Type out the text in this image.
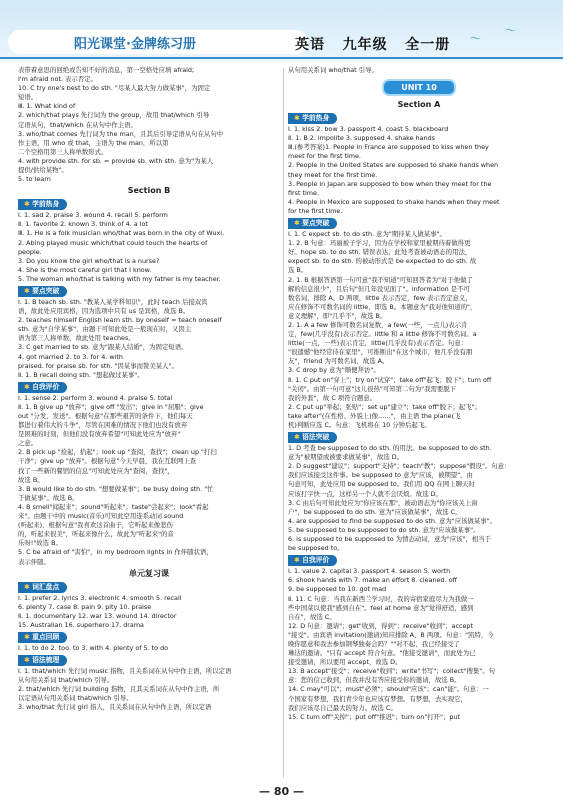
阳光课堂·金牌练习册	英语 九年级 全一册 〜
〜
表带着意思的回绝或告知不好的消息，第一空格处应填 afraid;
I'm afraid not. 表示否定。
10. C try one's best to do sth. "尽某人最大努力做某事"，为固定
短语。
Ⅲ. 1. What kind of
2. which/that plays 先行词为 the group，故用 that/which 引导
定语从句，that/which 在从句中作主语。
3. who/that comes 先行词为 the man，且其后引导定语从句在从句中
作主语，用 who 或 that，主语为 the man，所以第
二个空格用第三人称单数形式。
4. with provide sth. for sb. = provide sb. with sth. 意为"为某人
提供/供给某物"。
5. to learn
Section B
✱ 学前热身
Ⅰ. 1. sad 2. praise 3. wound 4. recall 5. perform
Ⅱ. 1. favorite 2. known 3. think of 4. a lot
Ⅲ. 1. He is a folk musician who/that was born in the city of Wuxi.
2. Abing played music which/that could touch the hearts of
people.
3. Do you know the girl who/that is a nurse?
4. She is the most careful girl that I know.
5. The woman who/that is talking with my father is my teacher.
✱ 要点突破
Ⅰ. 1. B teach sb. sth. "教某人某学科知识"，此时 teach 后接双宾
语，故此处应用宾格，因为选项中只有 us 是宾格，故选 B。
2. teaches himself English learn sth. by oneself = teach oneself
sth. 意为"自学某事"，由题干可知此处是一般现在时，又因主
语为第三人称单数，故此处用 teaches。
3. C get married to sb. 意为"跟某人结婚"，为固定短语。
4. got married 2. to 3. for 4. with
praised. for praise sb. for sth. "因某事而赞美某人"。
Ⅱ. 1. B recall doing sth. "想起做过某事"。
✱ 自我评价
Ⅰ. 1. sense 2. perform 3. wound 4. praise 5. total
Ⅱ. 1. B give up "放弃"；give off "发出"；give in "屈服"；give
out "分发，发送"。根据句意"在那些艰苦的条件下，他们每天
都进行着伟大的斗争"，尽管在困难的情况下他们也没有放弃
是困难的时刻，但他们没有放弃希望"可知此处应为"放弃"
之意。
2. B pick up "捡起，拾起"；look up "查阅，查找"；clean up "打扫
干净"；give up "放弃"。根据句意"今天早晨，我在互联网上查
找了一些新的餐馆的信息"可知此处应为"查阅，查找"，
故选 B。
3. B would like to do sth. "想要做某事"；be busy doing sth. "忙
于做某事"。故选 B。
4. B smell"闻起来"；sound"听起来"；taste"尝起来"；look"看起
来"。由题干中的 music(音乐)可知此空用连系动词 sound
(听起来)，根据句意"我喜欢这首曲子，它听起来像悲伤
的，听起来很美"，听起来像什么，故此为"听起来"的音
乐呀!"故选 B。
5. C be afraid of "害怕"，in my bedroom lights in 作伴随状语，
表示伴随。
单元复习课
✱ 词汇盘点
Ⅰ. 1. prefer 2. lyrics 3. electronic 4. smooth 5. recall
6. plenty 7. case 8. pain 9. pity 10. praise
Ⅱ. 1. documentary 12. war 13. wound 14. director
15. Australian 16. superhero 17. drama
✱ 重点回顾
Ⅰ. 1. to do 2. too. to 3. with 4. plenty of 5. to do
✱ 语法梳理
Ⅰ. 1. that/which 先行词 music 指物，且关系词在从句中作主语，所以定语
从句用关系词 that/which 引导。
2. that/which 先行词 building 指物，且其关系词在从句中作主语，所
以定语从句用关系词 that/which 引导。
3. who/that 先行词 girl 指人，且关系词在从句中作主语，所以定语
从句用关系词 who/that 引导。
UNIT 10
Section A
✱ 学前热身
Ⅰ. 1. kiss 2. bow 3. passport 4. coast 5. blackboard
Ⅱ. 1. B 2. impolite 3. supposed 4. shake hands
Ⅲ.(参考答案)1. People in France are supposed to kiss when they
meet for the first time.
2. People in the United States are supposed to shake hands when
they meet for the first time.
3. People in Japan are supposed to bow when they meet for the
first time.
4. People in Mexico are supposed to shake hands when they meet
for the first time.
✱ 要点突破
Ⅰ. 1. C expect sb. to do sth. 意为"期待某人做某事"。
1. 2. B 句意：玛丽被子学习，因为在学校和家里被期待着做得更
好。hope sb. to do sth. 错误表达，此处考查被动语态的用法，
expect sb. to do sth. 的被动形式是 be expected to do sth. 故
选 B。
2. 1. B 根据答语第一句可意"我不知道"可知回答者为"对于他做了
解的信息很少"，且后句"但几年没见面了"。information 是不可
数名词，排除 A、D 两项，little 表示否定，few 表示否定意义，
应在修饰不可数名词的 little，即选 B。本题意为"我对他知道的"，
意义理解"，即"几乎不"，故选 B。
2. 1. A a few 修饰可数名词复数，a few(一些，一点儿)表示肯
定，few(几乎没有)表示否定。little 和 a little 修饰不可数名词。a
little(一点，一些)表示肯定，little(几乎没有)表示否定。句意：
"很遗憾"他经常待在家里"，可推断出"在这个城市，他几乎没有朋
友"，friend 为可数名词，故选 A。
3. C drop by 意为"顺便拜访"。
Ⅱ. 1. C put on"穿上"；try on"试穿"；take off"起飞；脱下"；turn off
"关闭"。由第一句可意"这儿很热"可知第二句为"我需要脱下
我的外套"，故 C 项符合题意。
2. C put up"举起；张贴"；set up"建立"；take off"脱下；起飞"；
take after"(在性格、外貌上)像……"，由主语 the plane(飞
机)判断应选 C。句意：飞机将在 10 分钟后起飞。
✱ 语法突破
1. D 考查 be supposed to do sth. 的用法。be supposed to do sth.
意为"被期望或被要求做某事"，故选 D。
2. D suggest"建议"；support"支持"；teach"教"；suppose"假设"。句意：
我们应该接受这件事。be supposed to 意为"应该，被期望"，由
句意可知，此处应用 be supposed to。我们用 QQ 在网上聊天时
应该打字快一点，这样另一个人就不会厌烦。故选 D。
3. C 由后句可知此处应为"你应该在那"，被动语态为"你应该关上窗
户"，be supposed to do sth. 意为"应该做某事"，故选 C。
4. are supposed to find be supposed to do sth. 意为"应该做某事"。
5. be supposed to be supposed to do sth. 意为"应该做某事"。
6. is supposed to be supposed to 为情态动词，意为"应该"，相当于
be supposed to。
✱ 自我评价
Ⅰ. 1. value 2. capital 3. passport 4. season 5. worth
6. shook hands with 7. make an effort 8. cleaned. off
9. be supposed to 10. got mad
Ⅱ. 11. C 句意：当我在新西兰学习时，我的寄宿家庭尽力为我做一
些中国菜以使我"感到自在"。feel at home 意为"觉得舒适，感到
自在"，故选 C。
12. D 句意：邀请"；get"收到，得到"；receive"收到"；accept
"接受"。由宾语 invitation(邀请)知应排除 A、B 两项。句意："凯特，今
晚你愿意和我去参加钢琴独奏会吗？""对不起，我已经接受了
琳达的邀请。"只有 accept 符合句意。"他接受邀请"，而此处为已
接受邀请，所以要用 accept，故选 D。
13. B accept"接受"；receive"收到"；write"书写"；collect"搜集"。句
意：您的信已收到，但我并没有答应接受你的邀请，故选 B。
14. C may"可以"；must"必须"；should"应该"；can"能"。句意：一
个国家有梦想，我们青少年也应该有梦想。有梦想，去实现它，
我们应该尽自己最大的努力。故选 C。
15. C turn off"关掉"；put off"推迟"；turn on"打开"；put
— 80 —
